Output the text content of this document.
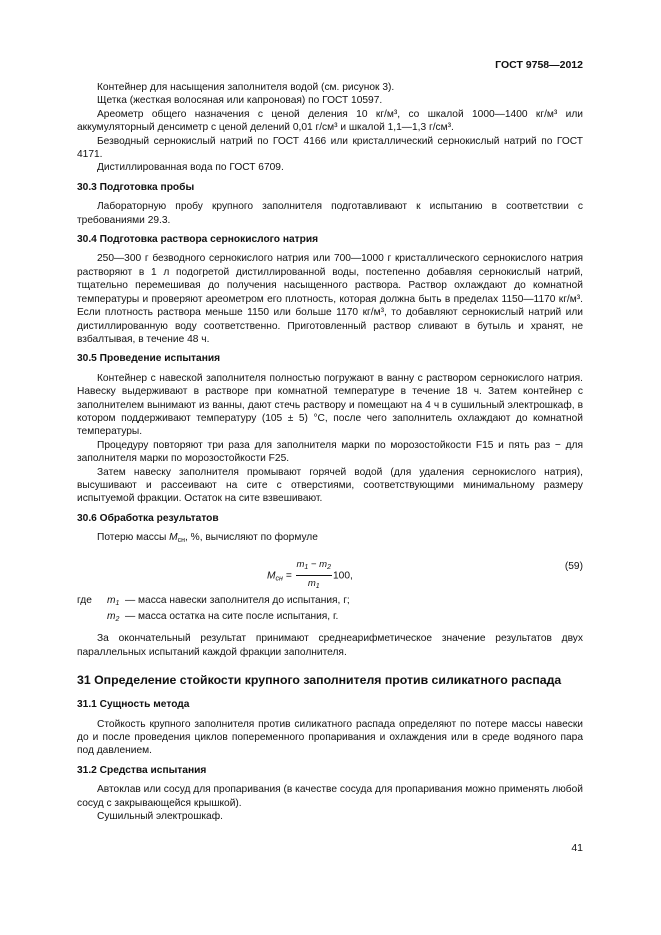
ГОСТ 9758—2012

Контейнер для насыщения заполнителя водой (см. рисунок 3).

Щетка (жесткая волосяная или капроновая) по ГОСТ 10597.

Ареометр общего назначения с ценой деления 10 кг/м³, со шкалой 1000—1400 кг/м³ или аккумуляторный денсиметр с ценой делений 0,01 г/см³ и шкалой 1,1—1,3 г/см³.

Безводный сернокислый натрий по ГОСТ 4166 или кристаллический сернокислый натрий по ГОСТ 4171.

Дистиллированная вода по ГОСТ 6709.

30.3 Подготовка пробы

Лабораторную пробу крупного заполнителя подготавливают к испытанию в соответствии с требованиями 29.3.

30.4 Подготовка раствора сернокислого натрия

250—300 г безводного сернокислого натрия или 700—1000 г кристаллического сернокислого натрия растворяют в 1 л подогретой дистиллированной воды, постепенно добавляя сернокислый натрий, тщательно перемешивая до получения насыщенного раствора. Раствор охлаждают до комнатной температуры и проверяют ареометром его плотность, которая должна быть в пределах 1150—1170 кг/м³. Если плотность раствора меньше 1150 или больше 1170 кг/м³, то добавляют сернокислый натрий или дистиллированную воду соответственно. Приготовленный раствор сливают в бутыль и хранят, не взбалтывая, в течение 48 ч.

30.5 Проведение испытания

Контейнер с навеской заполнителя полностью погружают в ванну с раствором сернокислого натрия. Навеску выдерживают в растворе при комнатной температуре в течение 18 ч. Затем контейнер с заполнителем вынимают из ванны, дают стечь раствору и помещают на 4 ч в сушильный электрошкаф, в котором поддерживают температуру (105 ± 5) °С, после чего заполнитель охлаждают до комнатной температуры.

Процедуру повторяют три раза для заполнителя марки по морозостойкости F15 и пять раз − для заполнителя марки по морозостойкости F25.

Затем навеску заполнителя промывают горячей водой (для удаления сернокислого натрия), высушивают и рассеивают на сите с отверстиями, соответствующими минимальному размеру испытуемой фракции. Остаток на сите взвешивают.

30.6 Обработка результатов

Потерю массы $M_{сн}$, %, вычисляют по формуле

$M_{сн} = \frac{m_1 - m_2}{m_1} 100$,
(59)
где	$m_1$ — масса навески заполнителя до испытания, г;
$m_2$ — масса остатка на сите после испытания, г.

За окончательный результат принимают среднеарифметическое значение результатов двух параллельных испытаний каждой фракции заполнителя.

31 Определение стойкости крупного заполнителя против силикатного распада

31.1 Сущность метода

Стойкость крупного заполнителя против силикатного распада определяют по потере массы навески до и после проведения циклов попеременного пропаривания и охлаждения или в среде водяного пара под давлением.

31.2 Средства испытания

Автоклав или сосуд для пропаривания (в качестве сосуда для пропаривания можно применять любой сосуд с закрывающейся крышкой).

Сушильный электрошкаф.

41
